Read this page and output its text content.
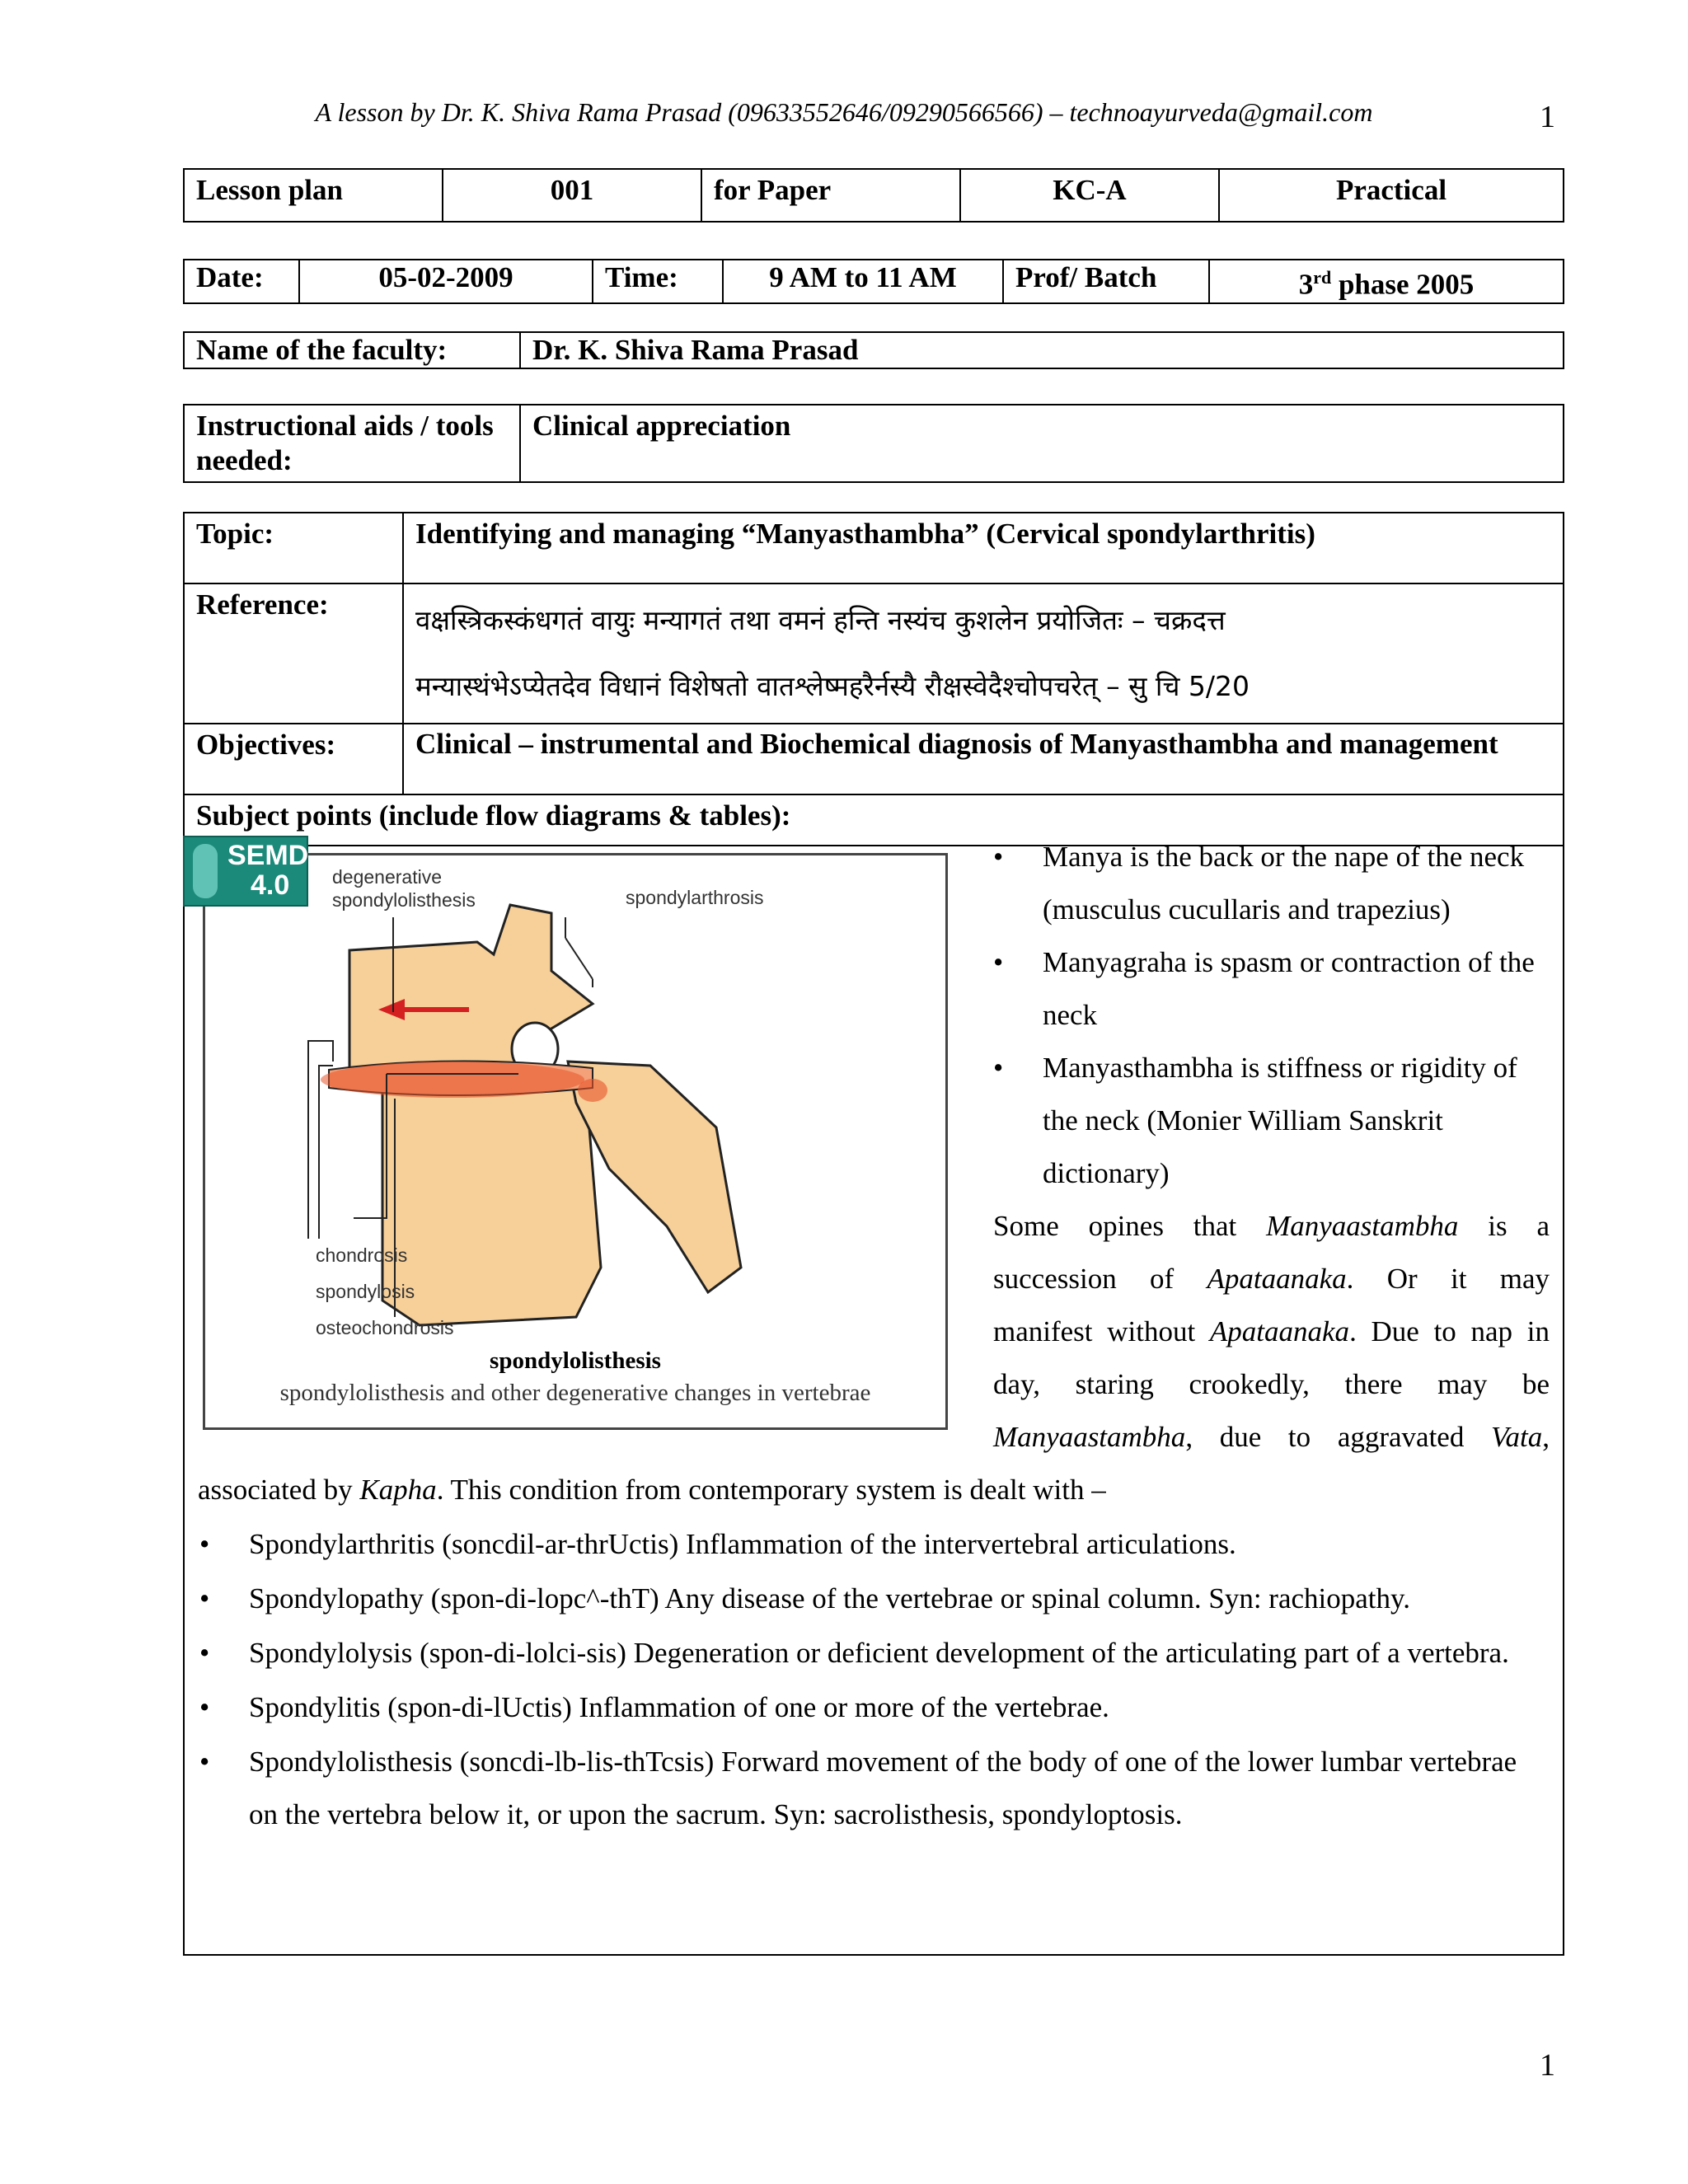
A lesson by Dr. K. Shiva Rama Prasad (09633552646/09290566566) – technoayurveda@gmail.com	1
Lesson plan	001	for Paper	KC-A	Practical
Date:	05-02-2009	Time:	9 AM to 11 AM	Prof/ Batch	3rd phase 2005
Name of the faculty:	Dr. K. Shiva Rama Prasad
Instructional aids / tools needed:	Clinical appreciation
Topic:	Identifying and managing “Manyasthambha” (Cervical spondylarthritis)
Reference:	वक्षस्त्रिकस्कंधगतं वायुः मन्यागतं तथा वमनं हन्ति नस्यंच कुशलेन प्रयोजितः – चक्रदत्त
मन्यास्थंभेऽप्येतदेव विधानं विशेषतो वातश्लेष्महरैर्नस्यै रौक्षस्वेदैश्चोपचरेत् – सु चि 5/20

Objectives:	Clinical – instrumental and Biochemical diagnosis of Manyasthambha and management
Subject points (include flow diagrams & tables):	
degenerative
spondylolisthesis	spondylarthrosis
chondrosis
spondylosis
osteochondrosis
spondylolisthesis
spondylolisthesis and other degenerative changes in vertebrae
SEMD
4.0
• Manya is the back or the nape of the neck (musculus cucullaris and trapezius)
• Manyagraha is spasm or contraction of the neck
• Manyasthambha is stiffness or rigidity of the neck (Monier William Sanskrit dictionary)
Some opines that Manyaastambha is a
succession of Apataanaka. Or it may
manifest without Apataanaka. Due to nap in
day, staring crookedly, there may be
Manyaastambha, due to aggravated Vata,
associated by Kapha. This condition from contemporary system is dealt with –
• Spondylarthritis (soncdil-ar-thrUctis) Inflammation of the intervertebral articulations.
• Spondylopathy (spon-di-lopc^-thT) Any disease of the vertebrae or spinal column. Syn: rachiopathy.
• Spondylolysis (spon-di-lolci-sis) Degeneration or deficient development of the articulating part of a vertebra.
• Spondylitis (spon-di-lUctis) Inflammation of one or more of the vertebrae.
• Spondylolisthesis (soncdi-lb-lis-thTcsis) Forward movement of the body of one of the lower lumbar vertebrae on the vertebra below it, or upon the sacrum. Syn: sacrolisthesis, spondyloptosis.
1
